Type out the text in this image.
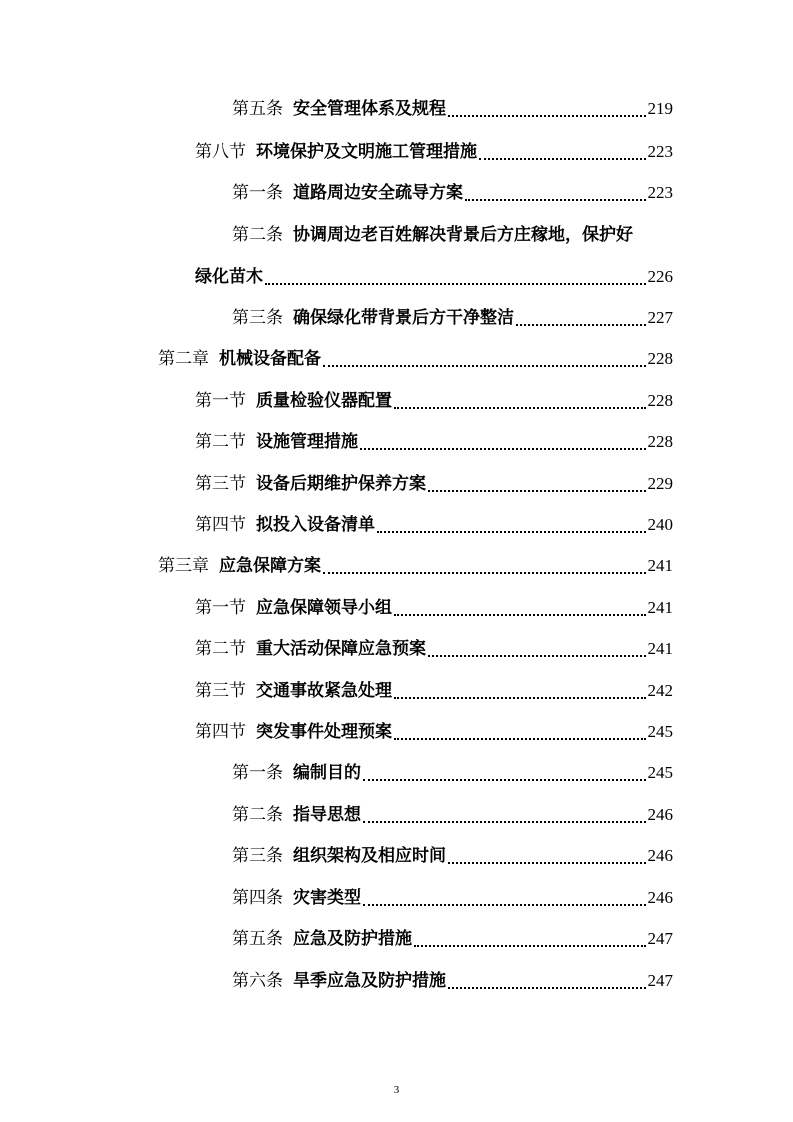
第五条 安全管理体系及规程	219
第八节 环境保护及文明施工管理措施	223
第一条 道路周边安全疏导方案	223
第二条 协调周边老百姓解决背景后方庄稼地，保护好
绿化苗木	226
第三条 确保绿化带背景后方干净整洁	227
第二章 机械设备配备	228
第一节 质量检验仪器配置	228
第二节 设施管理措施	228
第三节 设备后期维护保养方案	229
第四节 拟投入设备清单	240
第三章 应急保障方案	241
第一节 应急保障领导小组	241
第二节 重大活动保障应急预案	241
第三节 交通事故紧急处理	242
第四节 突发事件处理预案	245
第一条 编制目的	245
第二条 指导思想	246
第三条 组织架构及相应时间	246
第四条 灾害类型	246
第五条 应急及防护措施	247
第六条 旱季应急及防护措施	247
3
